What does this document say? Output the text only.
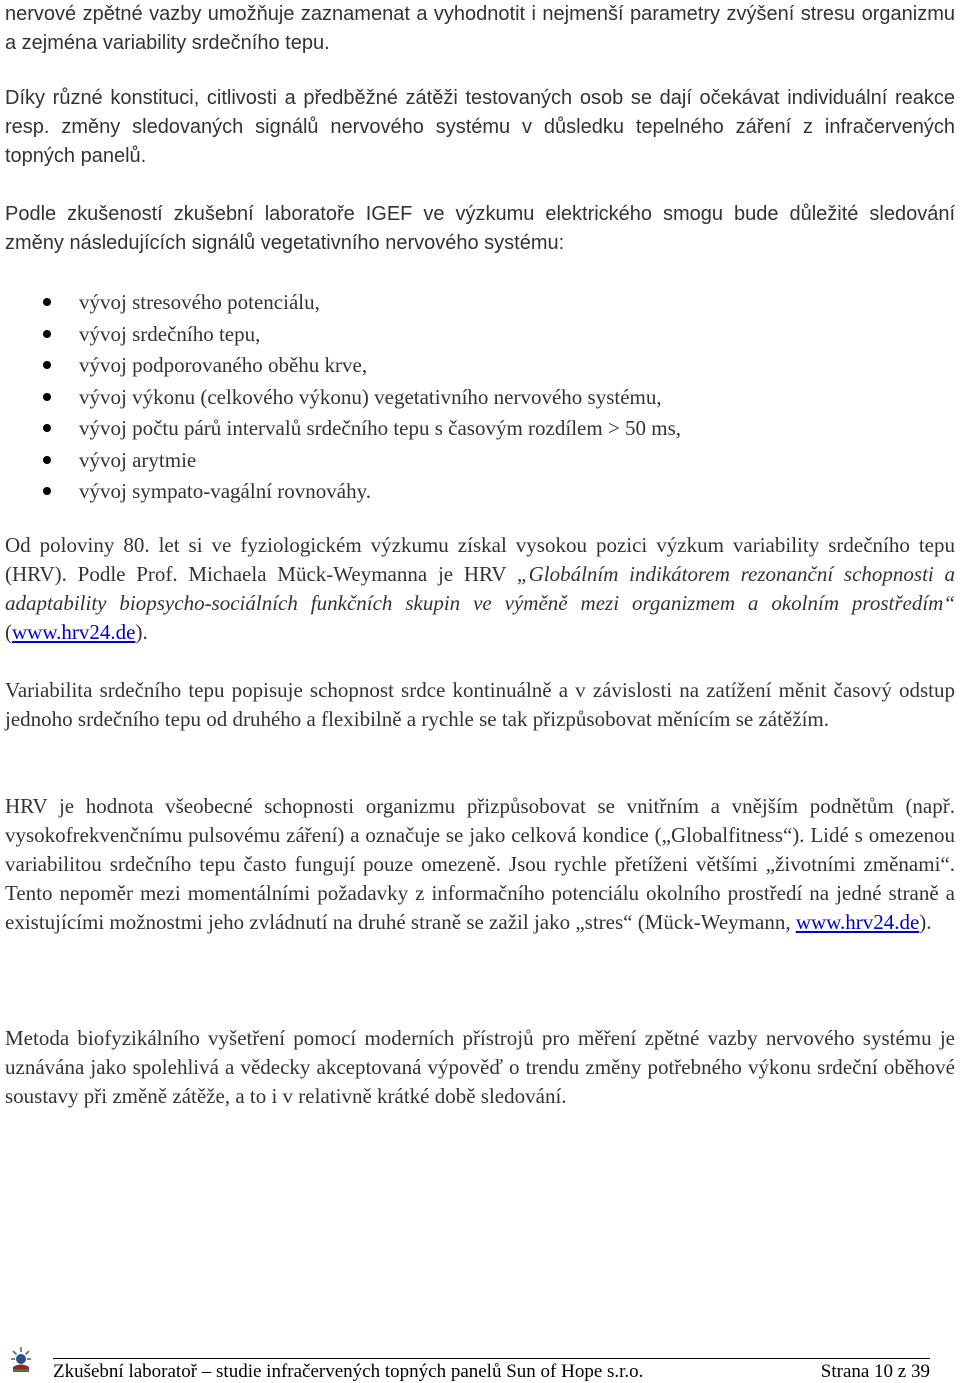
nervové zpětné vazby umožňuje zaznamenat a vyhodnotit i nejmenší parametry zvýšení stresu organizmu a zejména variability srdečního tepu.
Díky různé konstituci, citlivosti a předběžné zátěži testovaných osob se dají očekávat individuální reakce resp. změny sledovaných signálů nervového systému v důsledku tepelného záření z infračervených topných panelů.
Podle zkušeností zkušební laboratoře IGEF ve výzkumu elektrického smogu bude důležité sledování změny následujících signálů vegetativního nervového systému:
vývoj stresového potenciálu,
vývoj srdečního tepu,
vývoj podporovaného oběhu krve,
vývoj výkonu (celkového výkonu) vegetativního nervového systému,
vývoj počtu párů intervalů srdečního tepu s časovým rozdílem > 50 ms,
vývoj arytmie
vývoj sympato-vagální rovnováhy.
Od poloviny 80. let si ve fyziologickém výzkumu získal vysokou pozici výzkum variability srdečního tepu (HRV). Podle Prof. Michaela Mück-Weymanna je HRV „Globálním indikátorem rezonanční schopnosti a adaptability biopsycho-sociálních funkčních skupin ve výměně mezi organizmem a okolním prostředím“ (www.hrv24.de).
Variabilita srdečního tepu popisuje schopnost srdce kontinuálně a v závislosti na zatížení měnit časový odstup jednoho srdečního tepu od druhého a flexibilně a rychle se tak přizpůsobovat měnícím se zátěžím.
HRV je hodnota všeobecné schopnosti organizmu přizpůsobovat se vnitřním a vnějším podnětům (např. vysokofrekvenčnímu pulsovému záření) a označuje se jako celková kondice („Globalfitness“). Lidé s omezenou variabilitou srdečního tepu často fungují pouze omezeně. Jsou rychle přetíženi většími „životními změnami“. Tento nepoměr mezi momentálními požadavky z informačního potenciálu okolního prostředí na jedné straně a existujícími možnostmi jeho zvládnutí na druhé straně se zažil jako „stres“ (Mück-Weymann, www.hrv24.de).
Metoda biofyzikálního vyšetření pomocí moderních přístrojů pro měření zpětné vazby nervového systému je uznávána jako spolehlivá a vědecky akceptovaná výpověď o trendu změny potřebného výkonu srdeční oběhové soustavy při změně zátěže, a to i v relativně krátké době sledování.
Zkušební laboratoř – studie infračervených topných panelů Sun of Hope s.r.o.	Strana 10 z 39
